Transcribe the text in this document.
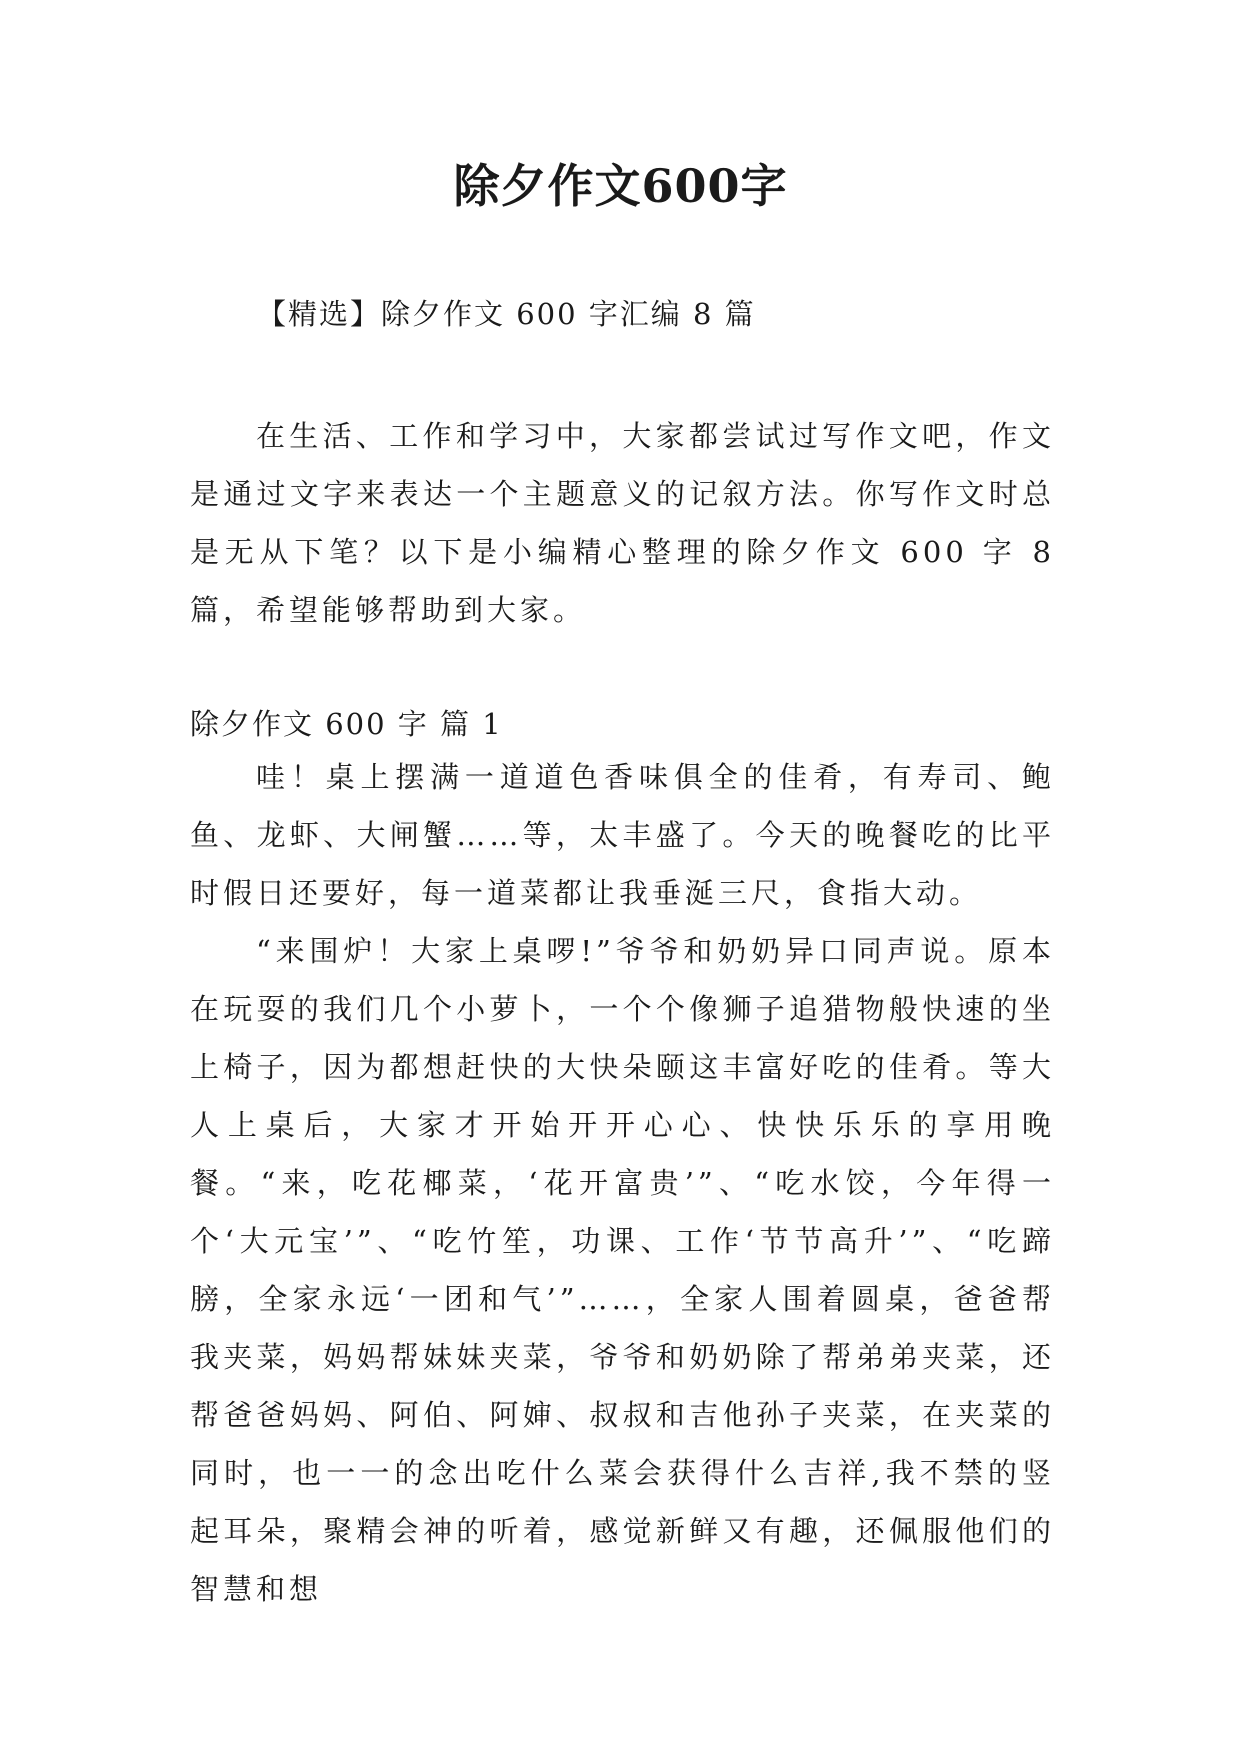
除夕作文600字

【精选】除夕作文 600 字汇编 8 篇

在生活、工作和学习中，大家都尝试过写作文吧，作文是通过文字来表达一个主题意义的记叙方法。你写作文时总是无从下笔？以下是小编精心整理的除夕作文 600 字 8 篇，希望能够帮助到大家。

除夕作文 600 字 篇 1

哇！桌上摆满一道道色香味俱全的佳肴，有寿司、鲍鱼、龙虾、大闸蟹……等，太丰盛了。今天的晚餐吃的比平时假日还要好，每一道菜都让我垂涎三尺，食指大动。

“来围炉！大家上桌啰!”爷爷和奶奶异口同声说。原本在玩耍的我们几个小萝卜，一个个像狮子追猎物般快速的坐上椅子，因为都想赶快的大快朵颐这丰富好吃的佳肴。等大人上桌后，大家才开始开开心心、快快乐乐的享用晚餐。“来，吃花椰菜，‘花开富贵’”、“吃水饺，今年得一个‘大元宝’”、“吃竹笙，功课、工作‘节节高升’”、“吃蹄膀，全家永远‘一团和气’”……，全家人围着圆桌，爸爸帮我夹菜，妈妈帮妹妹夹菜，爷爷和奶奶除了帮弟弟夹菜，还帮爸爸妈妈、阿伯、阿婶、叔叔和吉他孙子夹菜，在夹菜的同时，也一一的念出吃什么菜会获得什么吉祥,我不禁的竖起耳朵，聚精会神的听着，感觉新鲜又有趣，还佩服他们的智慧和想
